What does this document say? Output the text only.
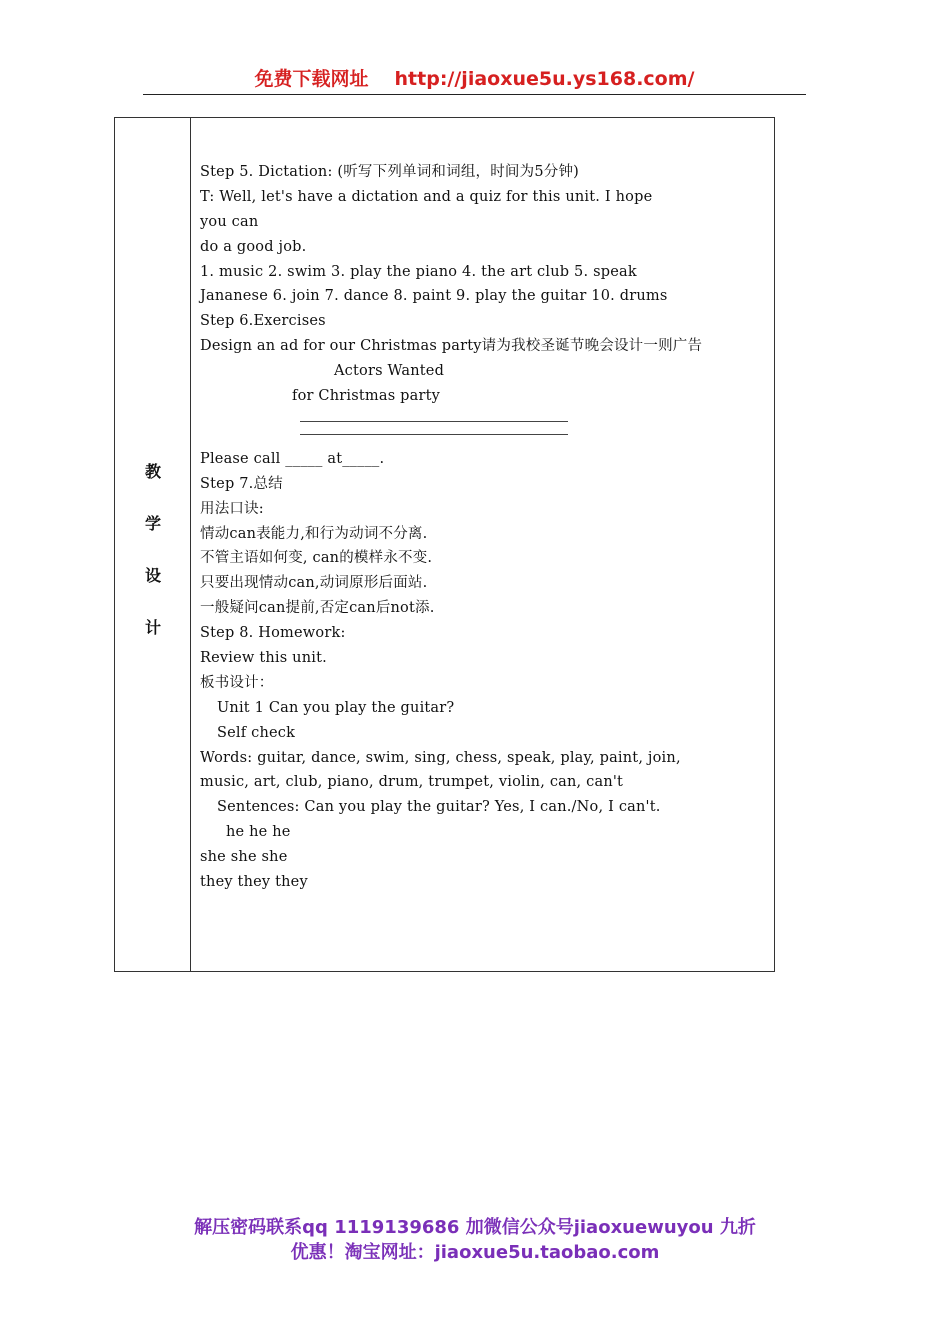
免费下载网址 http://jiaoxue5u.ys168.com/
教
学
设
计
Step 5. Dictation: (听写下列单词和词组，时间为5分钟)
T: Well, let's have a dictation and a quiz for this unit. I hope
you can
do a good job.
1. music 2. swim 3. play the piano 4. the art club 5. speak
Jananese 6. join 7. dance 8. paint 9. play the guitar 10. drums
Step 6.Exercises
Design an ad for our Christmas party请为我校圣诞节晚会设计一则广告
Actors Wanted
for Christmas party
Please call _____ at_____.
Step 7.总结
用法口诀:
情动can表能力,和行为动词不分离.
不管主语如何变, can的模样永不变.
只要出现情动can,动词原形后面站.
一般疑问can提前,否定can后not添.
Step 8. Homework:
Review this unit.
板书设计：
Unit 1 Can you play the guitar?
Self check
Words: guitar, dance, swim, sing, chess, speak, play, paint, join,
music, art, club, piano, drum, trumpet, violin, can, can't
Sentences: Can you play the guitar? Yes, I can./No, I can't.
he he he
she she she
they they they
解压密码联系qq 1119139686 加微信公众号jiaoxuewuyou 九折
优惠！淘宝网址：jiaoxue5u.taobao.com
